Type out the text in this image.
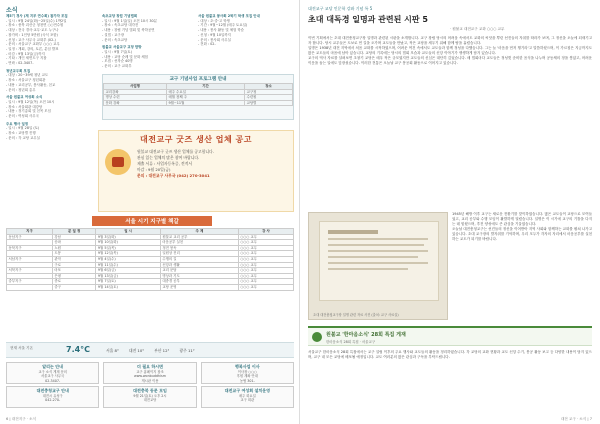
소식

제5기 경사 (제 지부 연수회) 참가자 모집

- 일시 : 9월 24일(화)~25일(수) 1박2일

- 장소 : 충북 괴산군 청천면 ○○연수원

- 대상 : 전국 경사·교무·교도 누구나

- 참가비 : 1인당 5만원 (숙식 포함)

- 신청 : 교구 사무국 교화부 (02-)

- 문의 : 서울교구 교화부 ○○○ 교무

- 일정 : 개회, 강의, 토론, 분임 발표

- 마감 : 9월 13일(금)까지

- 기타 : 개인 세면도구 지참

- 연락 : 02-3407-

청년교우회 모집

- 대상 : 20~39세 청년 교도

- 장소 : 서울교구 청년회관

- 내용 : 교리공부, 봉사활동, 친교

- 문의 : 청년회 총무

서울 원불교 여성회 소식

- 일시 : 9월 12일(목) 오전 10시

- 장소 : 서울회관 대강당

- 내용 : 정기총회 및 친목 모임

- 문의 : 여성회 사무국

주요 행사 일정

- 일시 : 9월 28일 (토)

- 장소 : 교당별 진행

- 문의 : 각 교당 교무실

속초교당 창립 기념법회

- 일시 : 9월 1일(일) 오전 10시 30분

- 장소 : 속초교당 대각전

- 내용 : 창립 기념 법회 및 축하공연

- 설법 : 교구장

- 문의 : 속초교당

원불교 서울교구 교당 탐방

- 일시 : 9월 7일(토)

- 내용 : 교당 순례 및 문화 체험

- 모집 : 선착순 40명

- 문의 : 교구 교화부

서울 원불교 봉사회 2학기 학생 모집 안내

- 대상 : 초·중·고 학생

- 기간 : 9월~12월 (매주 토요일)

- 내용 : 봉사 활동 및 체험 학습

- 신청 : 9월 10일까지

- 문의 : 봉사회 사무실

- 전화 : 02-

교구 기념사업 프로그램 안내
사업명	기간	장소
교리강좌	매주 수요일	교구청
명상 수련	매월 첫째 주	수련원
문화 강좌	9월~11월	교당별
대전교구 굿즈 생산 업체 공고
원불교 대전교구 굿즈 생산 업체를 공고합니다.
관심 있는 업체의 많은 참여 바랍니다.
제출 서류 : 사업자등록증, 견적서
마감 : 9월 20일(금)
문의 : 대전교구 사무국 (042) 270-3041
서울 시기 지구별 책갈
지구	분 일 정	일 시	주 제	강 사
동남지구	강남	9월 3일(화)	원불교 교리 공부	○○○ 교무
	송파	9월 10일(화)	마음공부 실천	○○○ 교무
동북지구	노원	9월 5일(목)	정전 봉독	○○○ 교무
	도봉	9월 12일(목)	일원상 진리	○○○ 교무
서남지구	관악	9월 4일(수)	수행의 길	○○○ 교무
	구로	9월 11일(수)	신앙과 생활	○○○ 교무
서북지구	마포	9월 6일(금)	교리 문답	○○○ 교무
	은평	9월 13일(금)	명상과 기도	○○○ 교무
중부지구	종로	9월 7일(토)	대종경 공부	○○○ 교무
	중구	9월 14일(토)	교당 운영	○○○ 교무
현재 서울 기온	7.4°C	서울 8°	대전 10°	부산 12°	광주 11°
알리는 안내
교구 소식 게재 문의
서울교구 사무국
02-3407-
더 필요 하시면
교구 홈페이지 참조
www.wonbuddhism
게시판 이용
행복사업 이사
이사장 ○○○
후원 계좌 안내
농협 301-
대전충청교구 안내
대전시 유성구
042-270-
대전충북 동문 모임
9월 21일(토) 오후 2시
대전교당
대전교구 여성회 설치운영
매주 화요일
교구 회관
6 | 대전지구 · 소식
대전교구 교당 인문학 강좌 기념 특 5
초대 대독경 일명과 관련된 시판 5
· 원불교 대전교구 교화 ○○○ 교무

이번 기획에서는 초대 대전충청교구장 일명과 관련된 시판을 소개합니다. 교구 창립 당시의 어려움 속에서도 교화의 씨앗을 뿌린 선진들의 자취를 따라가 보며, 그 정신을 오늘에 되새기고자 합니다. 당시 교무들은 도보로 먼 길을 오가며 교도들을 만났고, 작은 교당을 세우기 위해 함께 땀을 흘렸습니다.

일명은 1938년 대전 지역에서 처음 교화를 시작하였으며, 어려운 여건 속에서도 교도들과 함께 정성을 다했습니다. 그는 늘 '마음을 먼저 챙기라'고 말씀하셨으며, 이 가르침은 지금까지도 많은 교도들의 마음에 남아 있습니다. 교당의 기록에는 당시의 법회 모습과 교도들의 신앙 이야기가 생생하게 담겨 있습니다.

교구의 역사 자료를 살펴보면 초창기 교당은 매우 작은 규모였지만 교도들의 신심은 대단히 깊었습니다. 매 법회마다 교도들은 정성껏 준비한 음식을 나누며 공동체의 정을 쌓았고, 어려운 이웃을 돕는 일에도 앞장섰습니다. 이러한 전통은 오늘날 교구 봉공회 활동으로 이어지고 있습니다.

초대 대전충청교구장 일명 관련 자료 사진 (출처: 교구 사료실)

1945년 해방 이후 교구는 새로운 전환기를 맞이하였습니다. 많은 교도들이 교당으로 모여들었고, 교리 공부와 수행 모임이 활발하게 열렸습니다. 일명은 이 시기에 교구의 기틀을 다지는 데 힘썼으며, 후진 양성에도 큰 관심을 기울였습니다.

오늘날 대전충청교구는 선진들의 정신을 이어받아 지역 사회와 함께하는 교화를 펼쳐 나가고 있습니다. 초대 교구장의 발자취를 기억하며, 우리 모두가 각자의 자리에서 마음공부를 실천하는 교도가 되기를 바랍니다.

원불교 '한마음소식' 28회 특집 게재
한마음소식 28회 특집 · 서울교구

서울교구 한마음소식 28회 특집에서는 교구 설립 이후의 주요 행사와 교도들의 활동을 정리하였습니다. 각 교당의 교화 현황과 교도 신앙 수기, 봉공 활동 보고 등 다양한 내용이 담겨 있으며, 교구 내 모든 교당에 배포될 예정입니다. 교도 여러분의 많은 관심과 구독을 부탁드립니다.

대전 교구 · 소식 | 7
